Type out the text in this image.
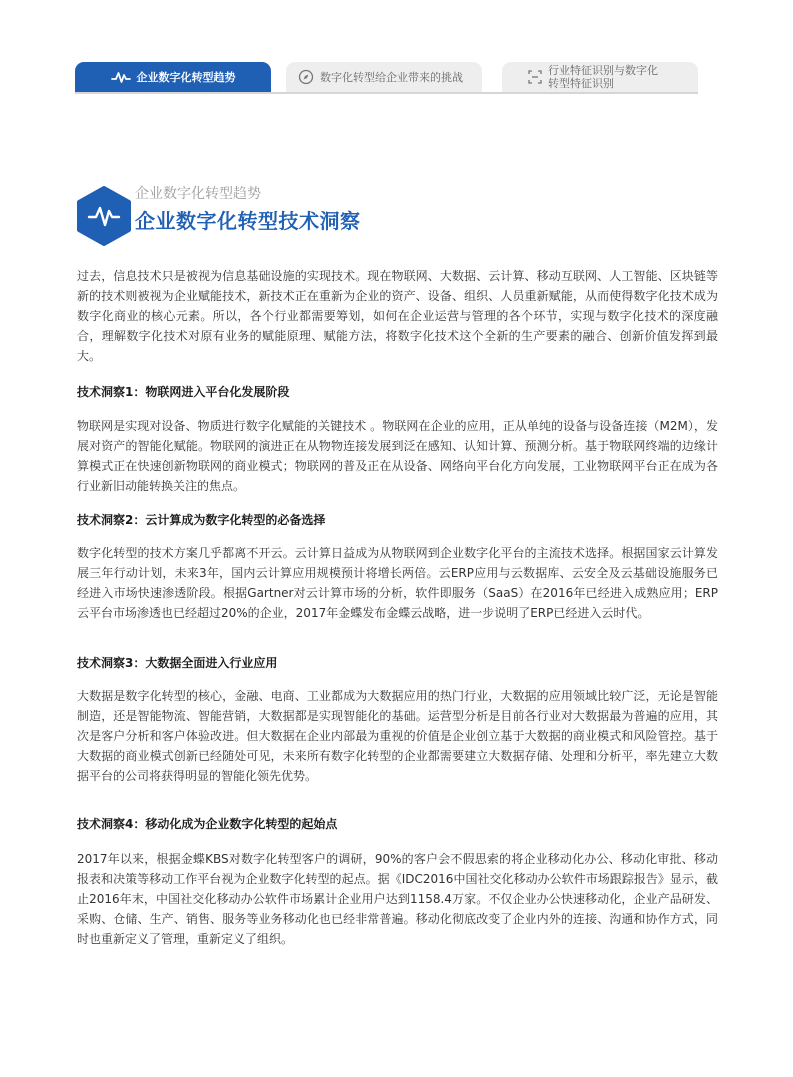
企业数字化转型趋势	数字化转型给企业带来的挑战	行业特征识别与数字化转型特征识别
企业数字化转型趋势
企业数字化转型技术洞察

过去，信息技术只是被视为信息基础设施的实现技术。现在物联网、大数据、云计算、移动互联网、人工智能、区块链等新的技术则被视为企业赋能技术，新技术正在重新为企业的资产、设备、组织、人员重新赋能，从而使得数字化技术成为数字化商业的核心元素。所以，各个行业都需要筹划，如何在企业运营与管理的各个环节，实现与数字化技术的深度融合，理解数字化技术对原有业务的赋能原理、赋能方法，将数字化技术这个全新的生产要素的融合、创新价值发挥到最大。

技术洞察1：物联网进入平台化发展阶段

物联网是实现对设备、物质进行数字化赋能的关键技术 。物联网在企业的应用，正从单纯的设备与设备连接（M2M），发展对资产的智能化赋能。物联网的演进正在从物物连接发展到泛在感知、认知计算、预测分析。基于物联网终端的边缘计算模式正在快速创新物联网的商业模式；物联网的普及正在从设备、网络向平台化方向发展，工业物联网平台正在成为各行业新旧动能转换关注的焦点。

技术洞察2：云计算成为数字化转型的必备选择

数字化转型的技术方案几乎都离不开云。云计算日益成为从物联网到企业数字化平台的主流技术选择。根据国家云计算发展三年行动计划，未来3年，国内云计算应用规模预计将增长两倍。云ERP应用与云数据库、云安全及云基础设施服务已经进入市场快速渗透阶段。根据Gartner对云计算市场的分析，软件即服务（SaaS）在2016年已经进入成熟应用；ERP云平台市场渗透也已经超过20%的企业，2017年金蝶发布金蝶云战略，进一步说明了ERP已经进入云时代。

技术洞察3：大数据全面进入行业应用

大数据是数字化转型的核心，金融、电商、工业都成为大数据应用的热门行业，大数据的应用领域比较广泛，无论是智能制造，还是智能物流、智能营销，大数据都是实现智能化的基础。运营型分析是目前各行业对大数据最为普遍的应用，其次是客户分析和客户体验改进。但大数据在企业内部最为重视的价值是企业创立基于大数据的商业模式和风险管控。基于大数据的商业模式创新已经随处可见，未来所有数字化转型的企业都需要建立大数据存储、处理和分析平，率先建立大数据平台的公司将获得明显的智能化领先优势。

技术洞察4：移动化成为企业数字化转型的起始点

2017年以来，根据金蝶KBS对数字化转型客户的调研，90%的客户会不假思索的将企业移动化办公、移动化审批、移动报表和决策等移动工作平台视为企业数字化转型的起点。据《IDC2016中国社交化移动办公软件市场跟踪报告》显示，截止2016年末，中国社交化移动办公软件市场累计企业用户达到1158.4万家。不仅企业办公快速移动化，企业产品研发、采购、仓储、生产、销售、服务等业务移动化也已经非常普遍。移动化彻底改变了企业内外的连接、沟通和协作方式，同时也重新定义了管理，重新定义了组织。
